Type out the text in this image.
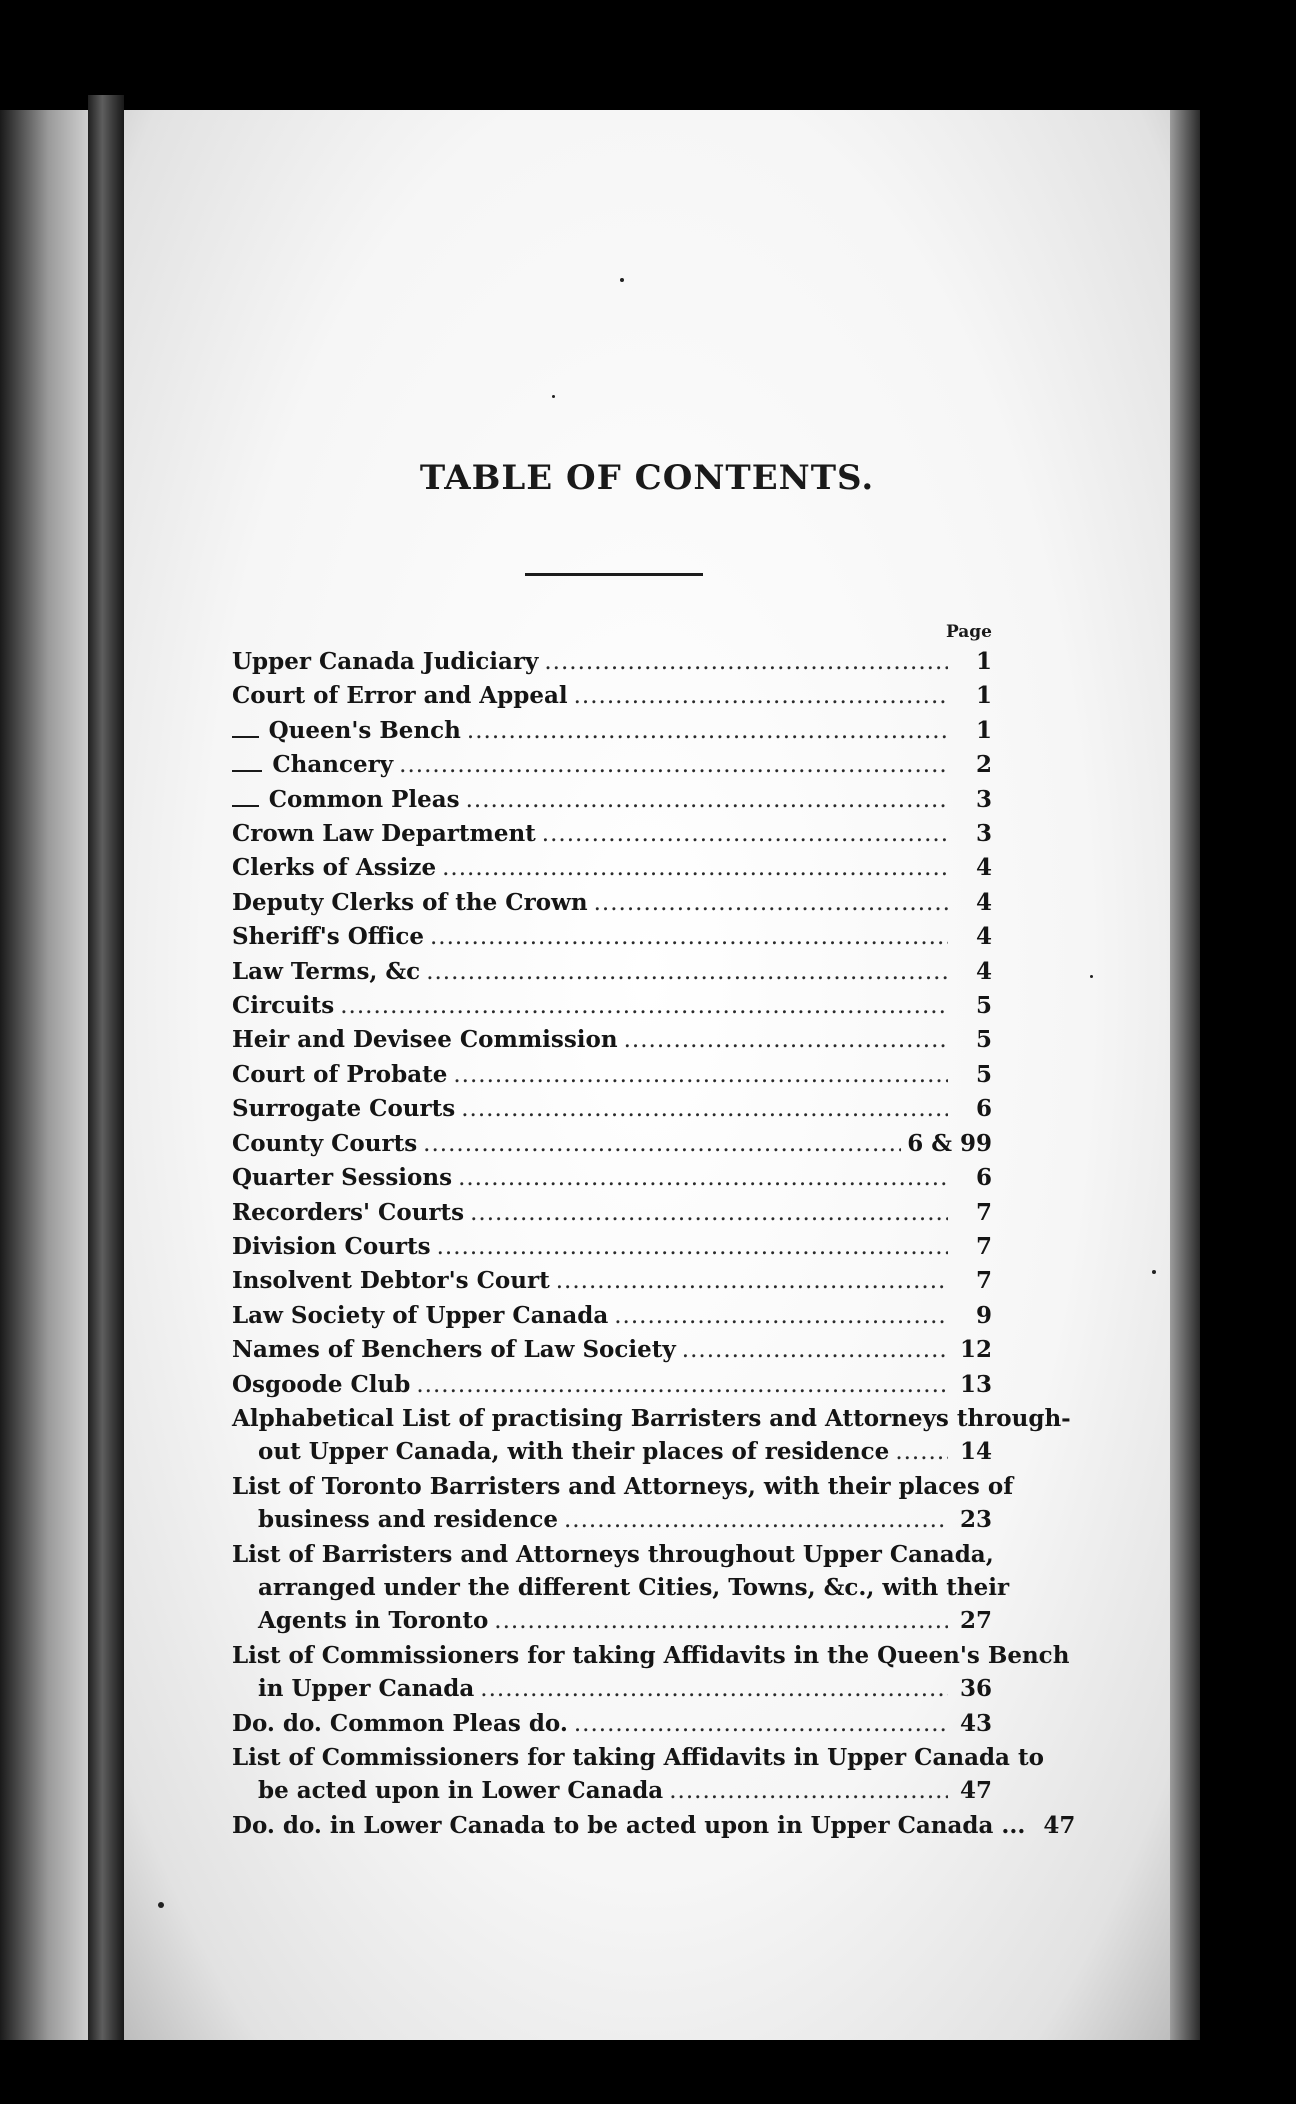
TABLE OF CONTENTS.
Page
Upper Canada Judiciary .....	1
Court of Error and Appeal .....	1
Queen's Bench .....	1
Chancery .....	2
Common Pleas .....	3
Crown Law Department .....	3
Clerks of Assize .....	4
Deputy Clerks of the Crown .....	4
Sheriff's Office .....	4
Law Terms, &c .....	4
Circuits .....	5
Heir and Devisee Commission .....	5
Court of Probate .....	5
Surrogate Courts .....	6
County Courts .....	6 & 99
Quarter Sessions .....	6
Recorders' Courts .....	7
Division Courts .....	7
Insolvent Debtor's Court .....	7
Law Society of Upper Canada .....	9
Names of Benchers of Law Society .....	12
Osgoode Club .....	13
Alphabetical List of practising Barristers and Attorneys through-
out Upper Canada, with their places of residence .....	14
List of Toronto Barristers and Attorneys, with their places of
business and residence .....	23
List of Barristers and Attorneys throughout Upper Canada,
arranged under the different Cities, Towns, &c., with their
Agents in Toronto .....	27
List of Commissioners for taking Affidavits in the Queen's Bench
in Upper Canada .....	36
Do. do. Common Pleas do. .....	43
List of Commissioners for taking Affidavits in Upper Canada to
be acted upon in Lower Canada .....	47
Do. do. in Lower Canada to be acted upon in Upper Canada ... 47
